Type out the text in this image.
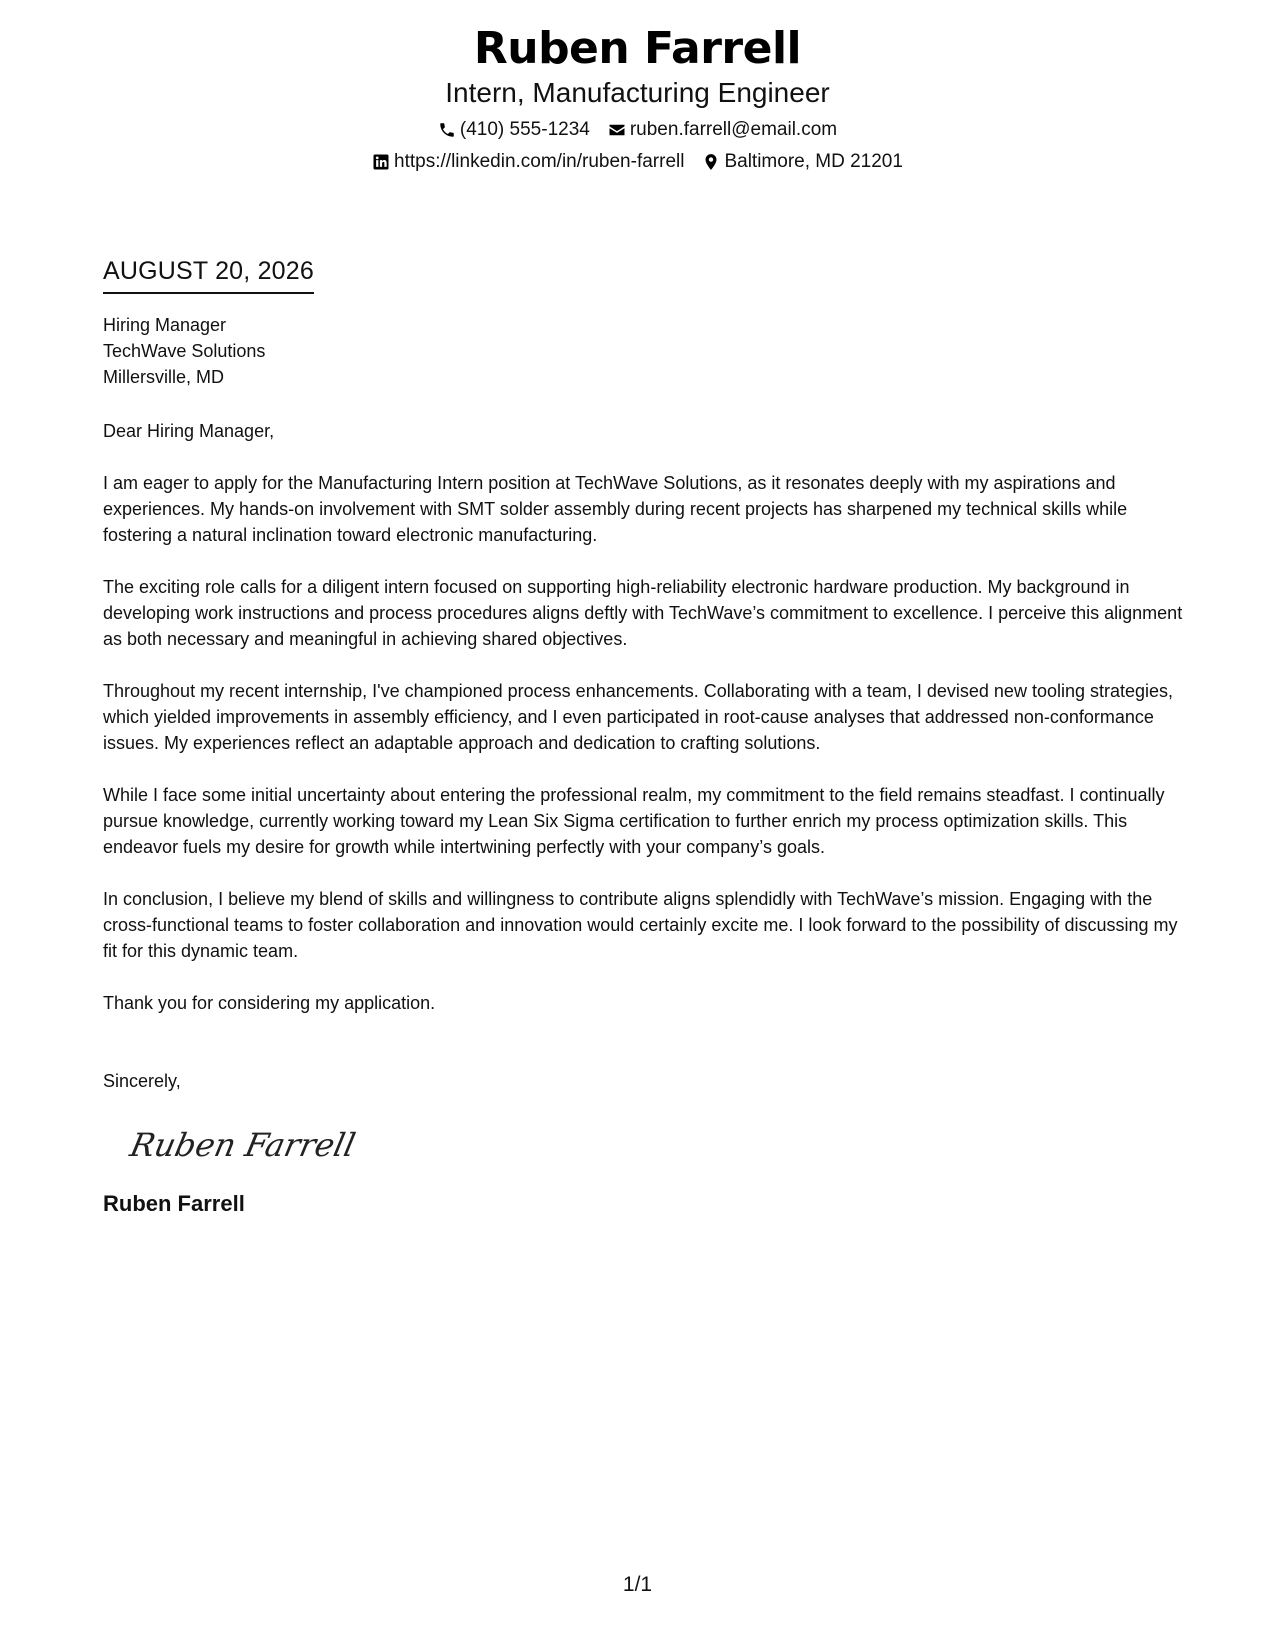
Ruben Farrell
Intern, Manufacturing Engineer
(410) 555-1234 ruben.farrell@email.com
https://linkedin.com/in/ruben-farrell Baltimore, MD 21201
AUGUST 20, 2026
Hiring Manager
TechWave Solutions
Millersville, MD
Dear Hiring Manager,
I am eager to apply for the Manufacturing Intern position at TechWave Solutions, as it resonates deeply with my aspirations and experiences. My hands-on involvement with SMT solder assembly during recent projects has sharpened my technical skills while fostering a natural inclination toward electronic manufacturing.
The exciting role calls for a diligent intern focused on supporting high-reliability electronic hardware production. My background in developing work instructions and process procedures aligns deftly with TechWave’s commitment to excellence. I perceive this alignment as both necessary and meaningful in achieving shared objectives.
Throughout my recent internship, I've championed process enhancements. Collaborating with a team, I devised new tooling strategies, which yielded improvements in assembly efficiency, and I even participated in root-cause analyses that addressed non-conformance issues. My experiences reflect an adaptable approach and dedication to crafting solutions.
While I face some initial uncertainty about entering the professional realm, my commitment to the field remains steadfast. I continually pursue knowledge, currently working toward my Lean Six Sigma certification to further enrich my process optimization skills. This endeavor fuels my desire for growth while intertwining perfectly with your company’s goals.
In conclusion, I believe my blend of skills and willingness to contribute aligns splendidly with TechWave’s mission. Engaging with the cross-functional teams to foster collaboration and innovation would certainly excite me. I look forward to the possibility of discussing my fit for this dynamic team.
Thank you for considering my application.
Sincerely,
Ruben Farrell
Ruben Farrell
1/1
